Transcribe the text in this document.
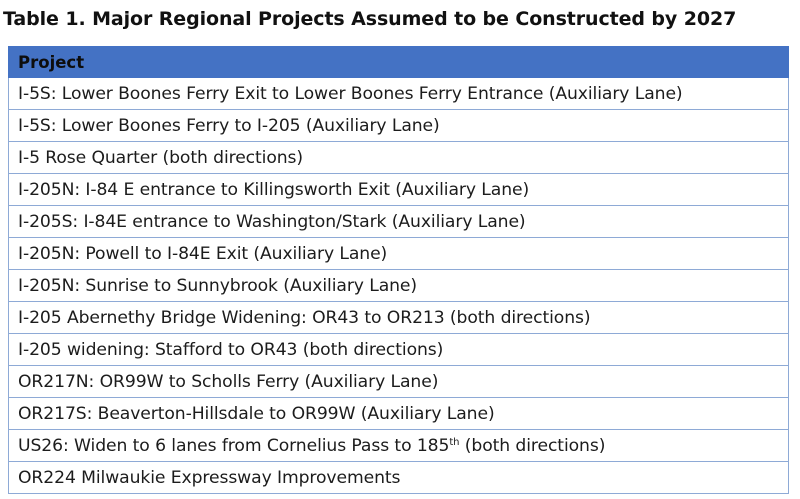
Table 1. Major Regional Projects Assumed to be Constructed by 2027
Project
I-5S: Lower Boones Ferry Exit to Lower Boones Ferry Entrance (Auxiliary Lane)
I-5S: Lower Boones Ferry to I-205 (Auxiliary Lane)
I-5 Rose Quarter (both directions)
I-205N: I-84 E entrance to Killingsworth Exit (Auxiliary Lane)
I-205S: I-84E entrance to Washington/Stark (Auxiliary Lane)
I-205N: Powell to I-84E Exit (Auxiliary Lane)
I-205N: Sunrise to Sunnybrook (Auxiliary Lane)
I-205 Abernethy Bridge Widening: OR43 to OR213 (both directions)
I-205 widening: Stafford to OR43 (both directions)
OR217N: OR99W to Scholls Ferry (Auxiliary Lane)
OR217S: Beaverton-Hillsdale to OR99W (Auxiliary Lane)
US26: Widen to 6 lanes from Cornelius Pass to 185th (both directions)
OR224 Milwaukie Expressway Improvements
